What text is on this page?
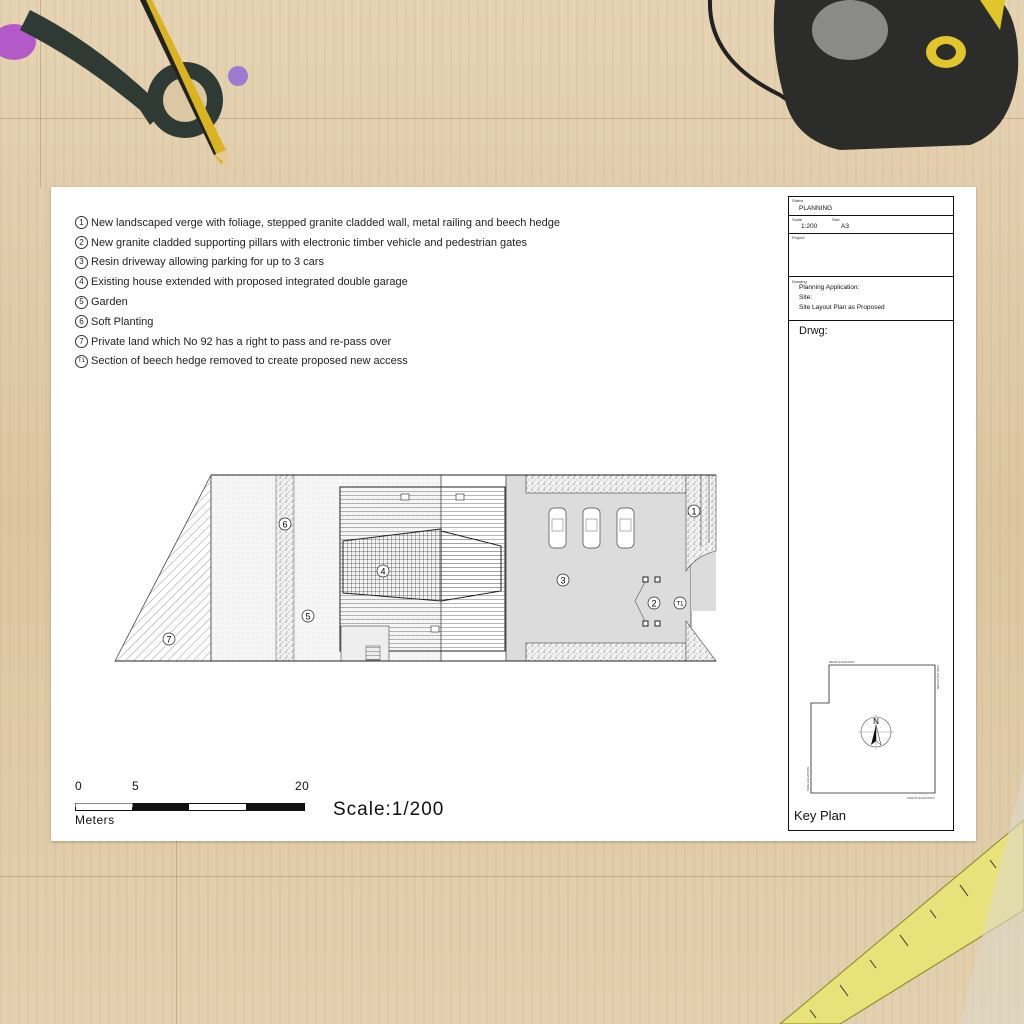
1 New landscaped verge with foliage, stepped granite cladded wall, metal railing and beech hedge
2 New granite cladded supporting pillars with electronic timber vehicle and pedestrian gates
3 Resin driveway allowing parking for up to 3 cars
4 Existing house extended with proposed integrated double garage
5 Garden
6 Soft Planting
7 Private land which No 92 has a right to pass and re-pass over
T1 Section of beech hedge removed to create proposed new access
6
5
7
4
3
2	T1
1
0	5	20
Meters	Scale:1/200
Status
PLANNING
Scale
1:200
Size
A3
Project
Drawing
Planning Application:
Site:
Site Layout Plan as Proposed
Drwg:
N
REAR ELEVATION
FRONT ELEVATION
SIDE ELEVATION
SIDE ELEVATION
Key Plan
